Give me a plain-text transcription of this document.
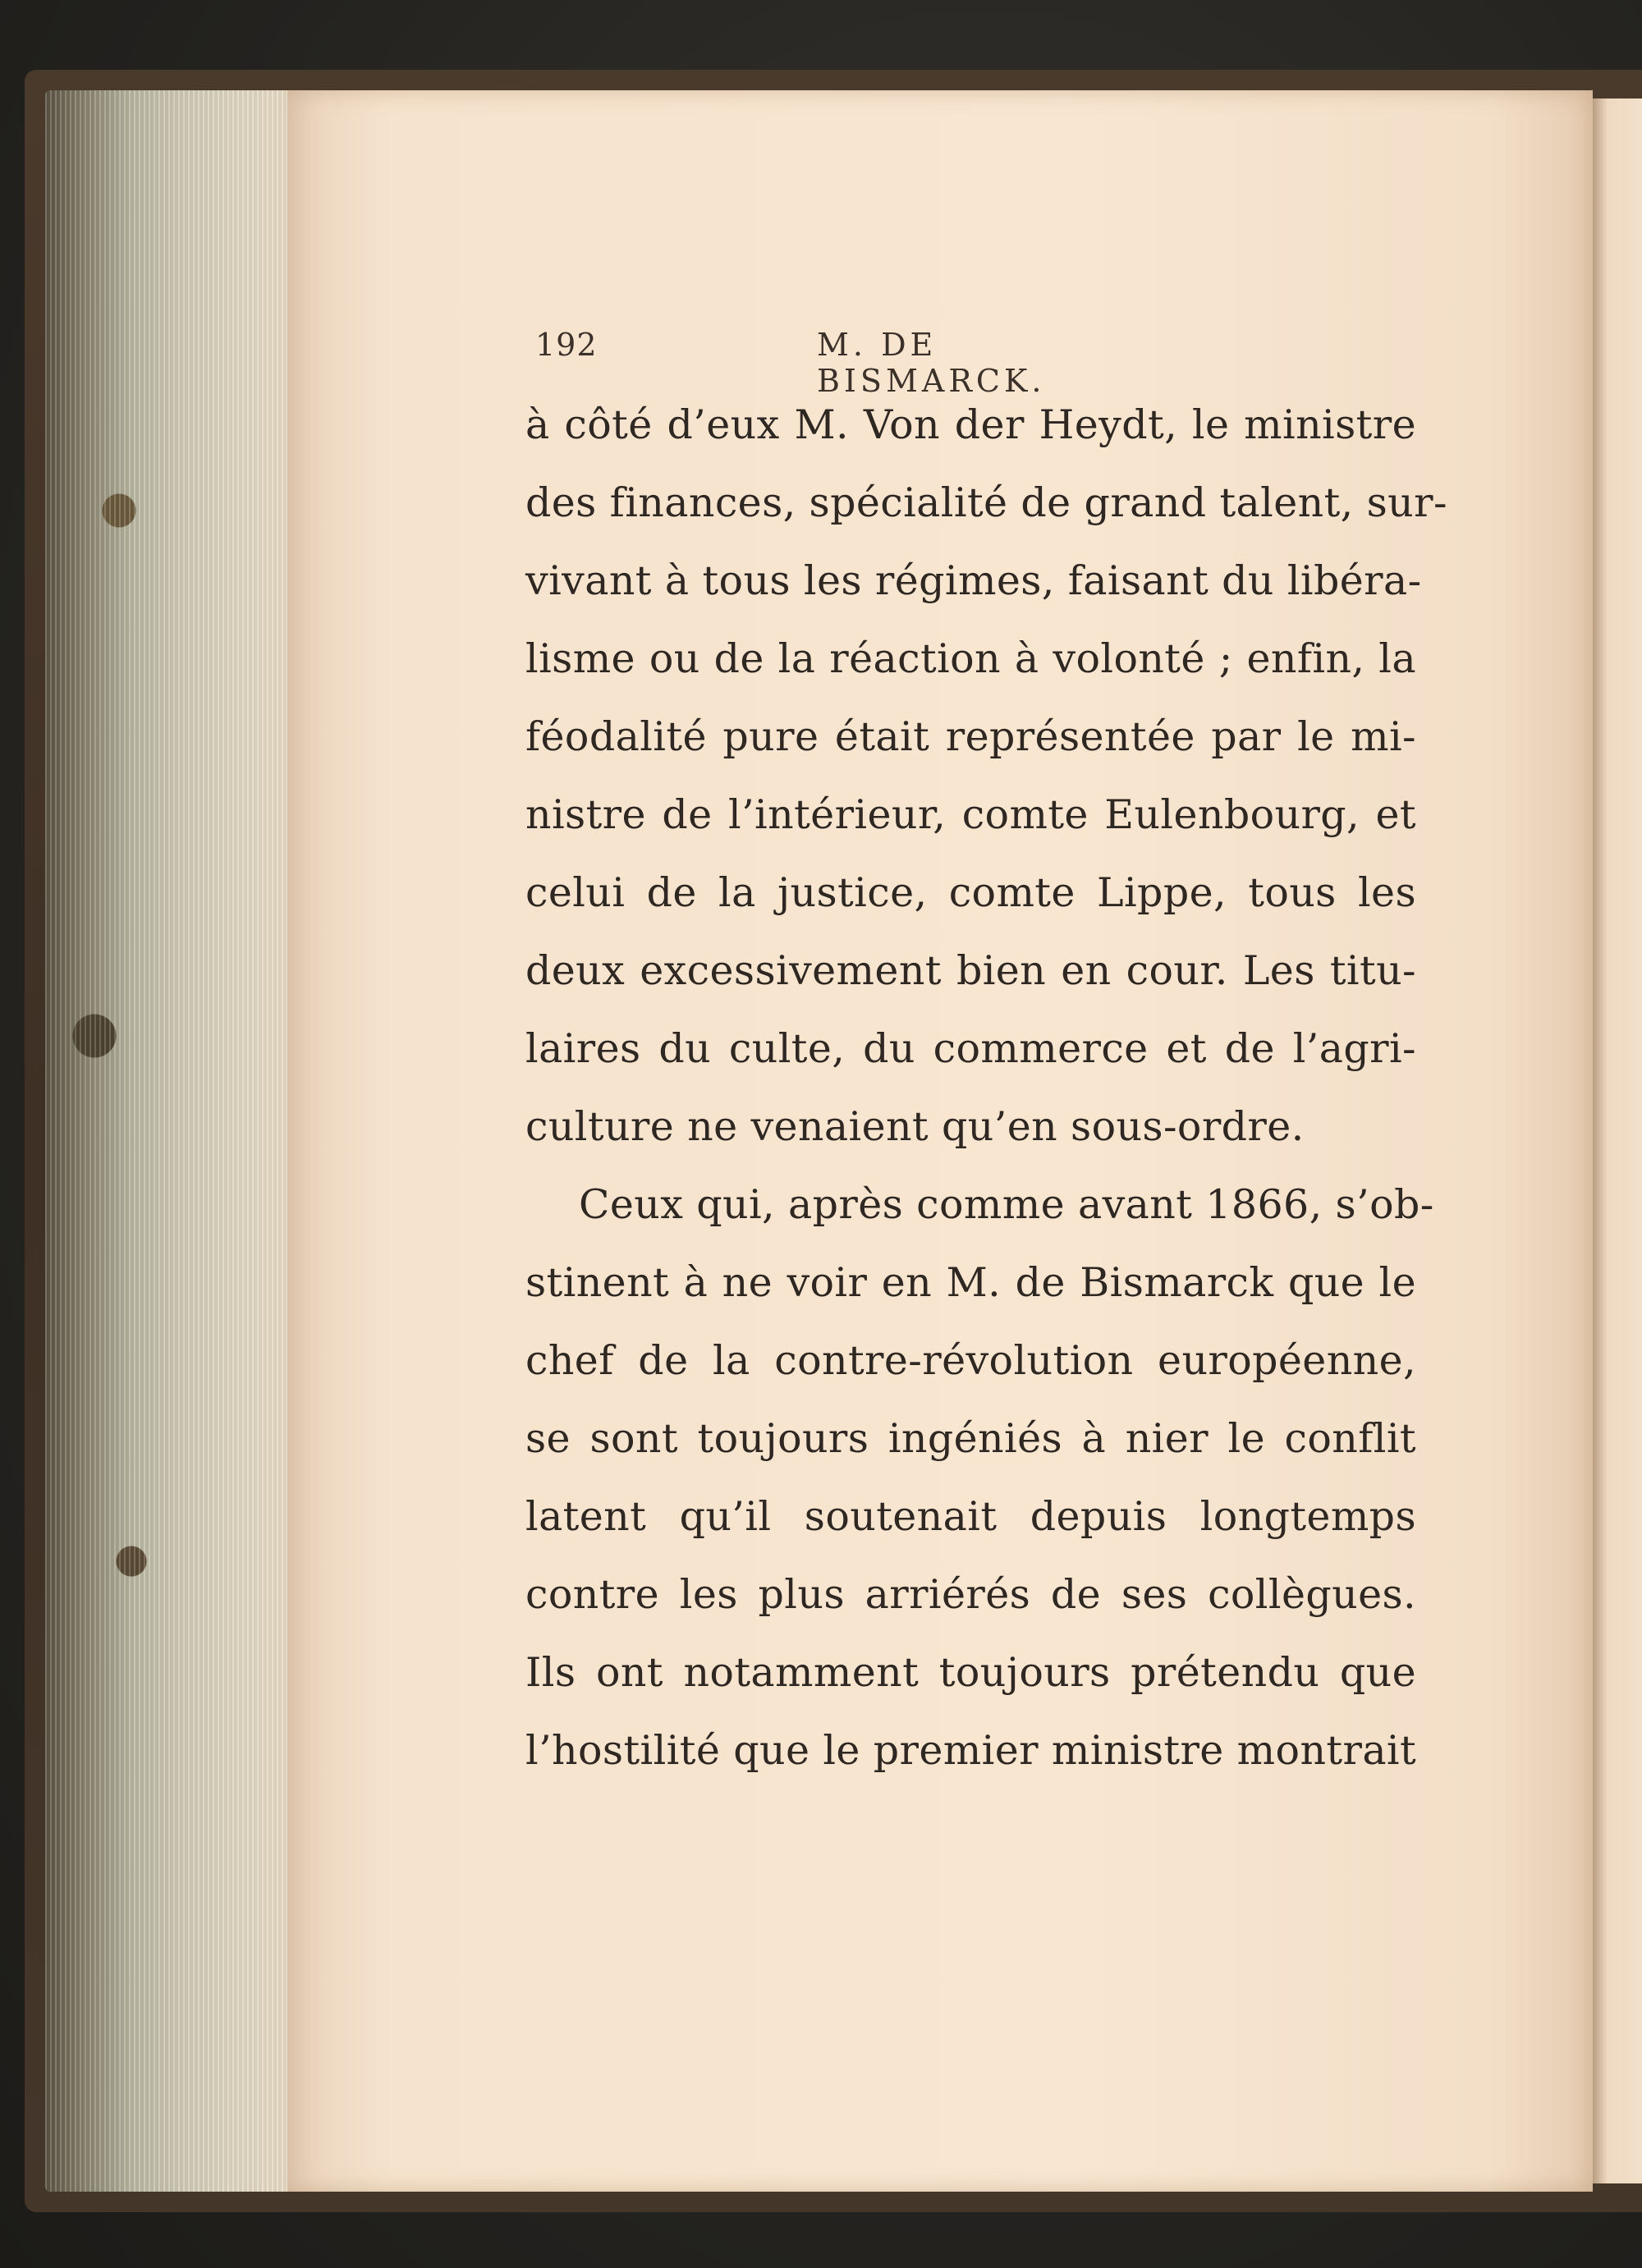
192	M. DE BISMARCK.
à côté d’eux M. Von der Heydt, le ministre
des finances, spécialité de grand talent, sur-
vivant à tous les régimes, faisant du libéra-
lisme ou de la réaction à volonté ; enfin, la
féodalité pure était représentée par le mi-
nistre de l’intérieur, comte Eulenbourg, et
celui de la justice, comte Lippe, tous les
deux excessivement bien en cour. Les titu-
laires du culte, du commerce et de l’agri-
culture ne venaient qu’en sous-ordre.
Ceux qui, après comme avant 1866, s’ob-
stinent à ne voir en M. de Bismarck que le
chef de la contre-révolution européenne,
se sont toujours ingéniés à nier le conflit
latent qu’il soutenait depuis longtemps
contre les plus arriérés de ses collègues.
Ils ont notamment toujours prétendu que
l’hostilité que le premier ministre montrait
